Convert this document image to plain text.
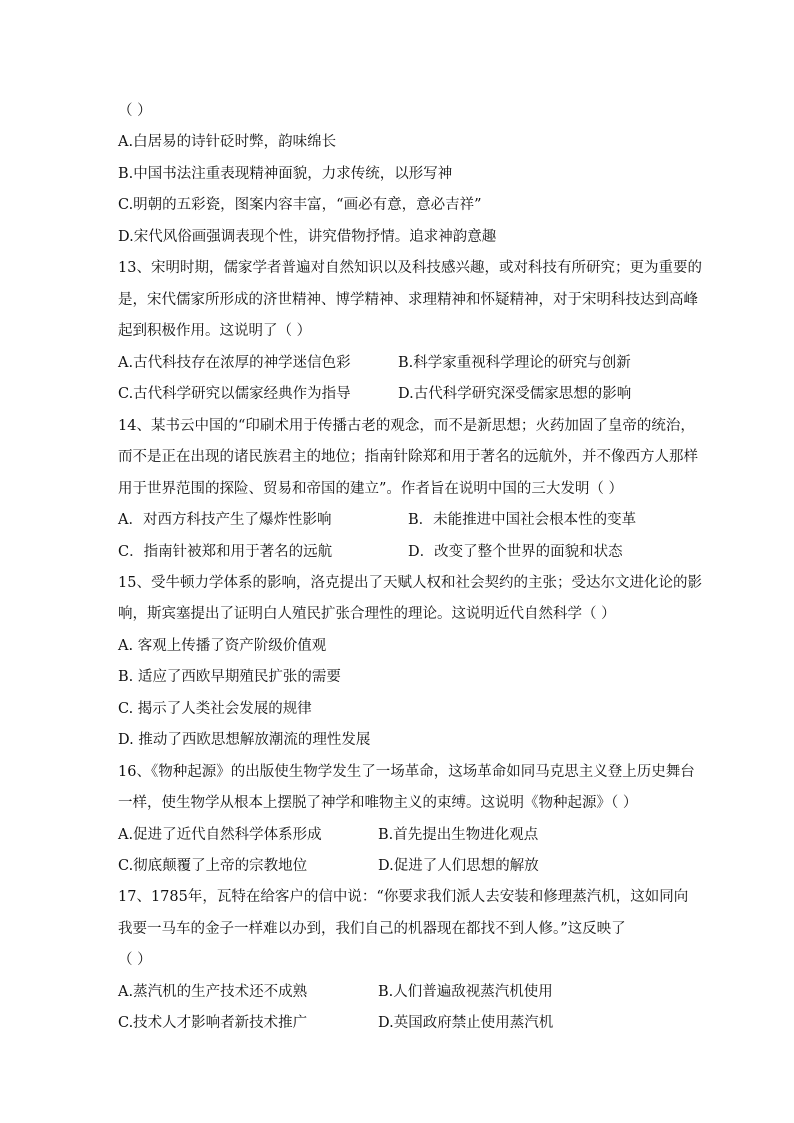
（ ）
A.白居易的诗针砭时弊，韵味绵长
B.中国书法注重表现精神面貌，力求传统，以形写神
C.明朝的五彩瓷，图案内容丰富，“画必有意，意必吉祥”
D.宋代风俗画强调表现个性，讲究借物抒情。追求神韵意趣
13、宋明时期，儒家学者普遍对自然知识以及科技感兴趣，或对科技有所研究；更为重要的
是，宋代儒家所形成的济世精神、博学精神、求理精神和怀疑精神，对于宋明科技达到高峰
起到积极作用。这说明了（ ）
A.古代科技存在浓厚的神学迷信色彩	B.科学家重视科学理论的研究与创新
C.古代科学研究以儒家经典作为指导	D.古代科学研究深受儒家思想的影响
14、某书云中国的“印刷术用于传播古老的观念，而不是新思想；火药加固了皇帝的统治，
而不是正在出现的诸民族君主的地位；指南针除郑和用于著名的远航外，并不像西方人那样
用于世界范围的探险、贸易和帝国的建立”。作者旨在说明中国的三大发明（ ）
A．对西方科技产生了爆炸性影响	B．未能推进中国社会根本性的变革
C．指南针被郑和用于著名的远航	D．改变了整个世界的面貌和状态
15、受牛顿力学体系的影响，洛克提出了天赋人权和社会契约的主张；受达尔文进化论的影
响，斯宾塞提出了证明白人殖民扩张合理性的理论。这说明近代自然科学（ ）
A. 客观上传播了资产阶级价值观
B. 适应了西欧早期殖民扩张的需要
C. 揭示了人类社会发展的规律
D. 推动了西欧思想解放潮流的理性发展
16、《物种起源》的出版使生物学发生了一场革命，这场革命如同马克思主义登上历史舞台
一样，使生物学从根本上摆脱了神学和唯物主义的束缚。这说明《物种起源》（ ）
A.促进了近代自然科学体系形成	B.首先提出生物进化观点
C.彻底颠覆了上帝的宗教地位	D.促进了人们思想的解放
17、1785年，瓦特在给客户的信中说：“你要求我们派人去安装和修理蒸汽机，这如同向
我要一马车的金子一样难以办到，我们自己的机器现在都找不到人修。”这反映了
（ ）
A.蒸汽机的生产技术还不成熟	B.人们普遍敌视蒸汽机使用
C.技术人才影响者新技术推广	D.英国政府禁止使用蒸汽机
